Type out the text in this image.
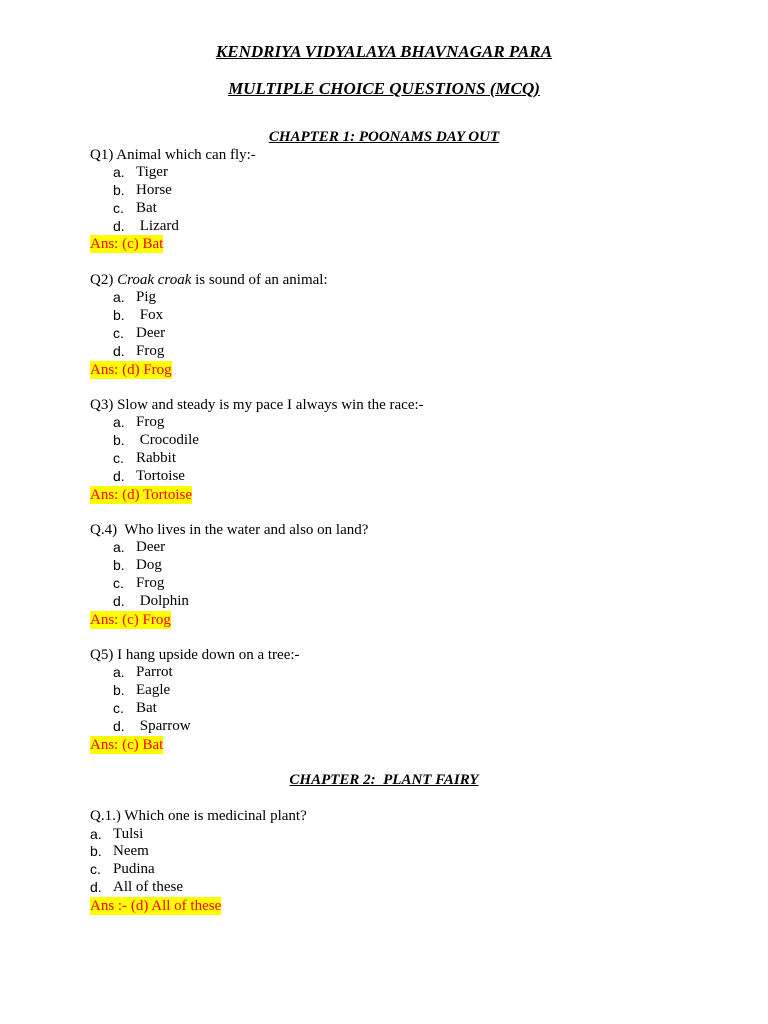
KENDRIYA VIDYALAYA BHAVNAGAR PARA
MULTIPLE CHOICE QUESTIONS (MCQ)
CHAPTER 1: POONAMS DAY OUT
Q1) Animal which can fly:-
a. Tiger
b. Horse
c. Bat
d. Lizard
Ans: (c) Bat
Q2) Croak croak is sound of an animal:
a. Pig
b. Fox
c. Deer
d. Frog
Ans: (d) Frog
Q3) Slow and steady is my pace I always win the race:-
a. Frog
b. Crocodile
c. Rabbit
d. Tortoise
Ans: (d) Tortoise
Q.4)  Who lives in the water and also on land?
a. Deer
b. Dog
c. Frog
d. Dolphin
Ans: (c) Frog
Q5) I hang upside down on a tree:-
a. Parrot
b. Eagle
c. Bat
d. Sparrow
Ans: (c) Bat
CHAPTER 2:  PLANT FAIRY
Q.1.) Which one is medicinal plant?
a. Tulsi
b. Neem
c. Pudina
d. All of these
Ans :- (d) All of these
